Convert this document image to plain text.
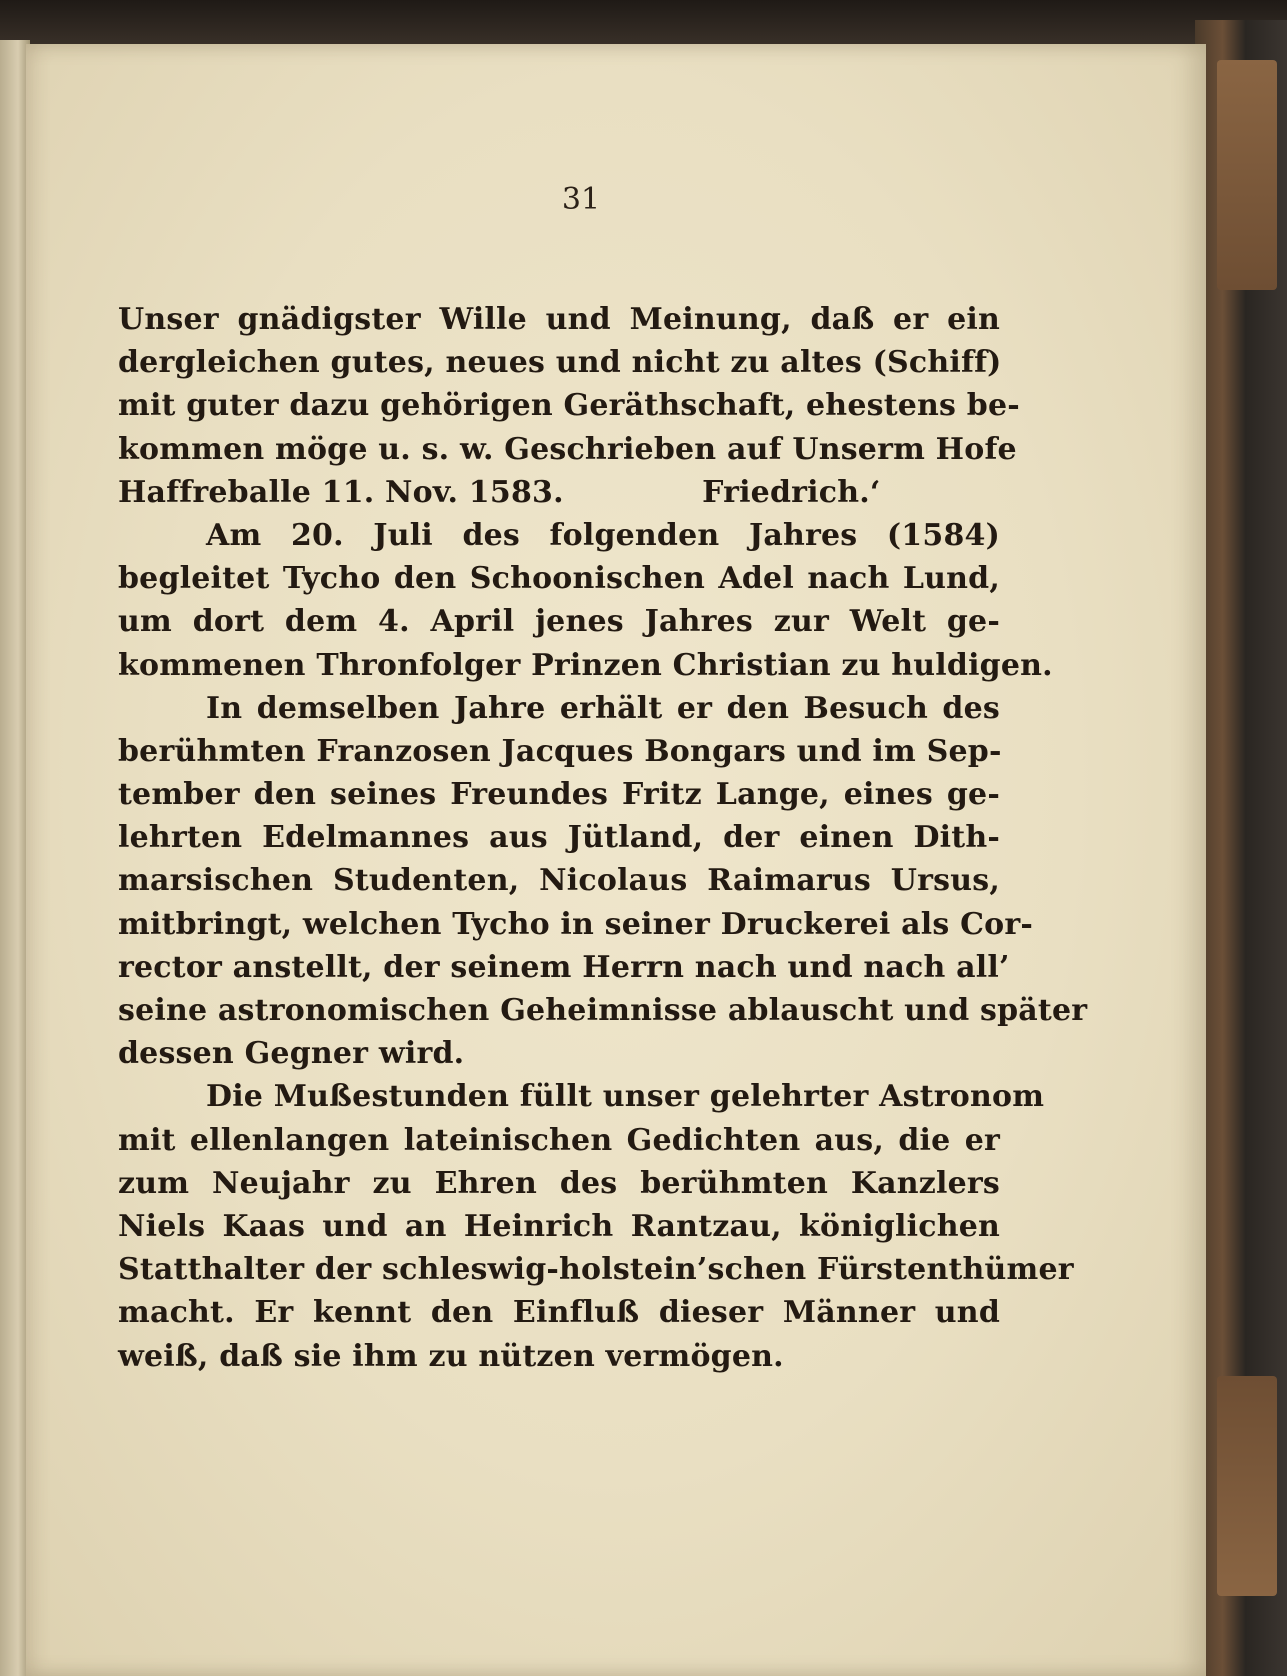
31
Unser gnädigster Wille und Meinung, daß er ein
dergleichen gutes, neues und nicht zu altes (Schiff)
mit guter dazu gehörigen Geräthschaft, ehestens be-
kommen möge u. s. w. Geschrieben auf Unserm Hofe
Haffreballe 11. Nov. 1583.             Friedrich.‘
Am 20. Juli des folgenden Jahres (1584)
begleitet Tycho den Schoonischen Adel nach Lund,
um dort dem 4. April jenes Jahres zur Welt ge-
kommenen Thronfolger Prinzen Christian zu huldigen.
In demselben Jahre erhält er den Besuch des
berühmten Franzosen Jacques Bongars und im Sep-
tember den seines Freundes Fritz Lange, eines ge-
lehrten Edelmannes aus Jütland, der einen Dith-
marsischen Studenten, Nicolaus Raimarus Ursus,
mitbringt, welchen Tycho in seiner Druckerei als Cor-
rector anstellt, der seinem Herrn nach und nach all’
seine astronomischen Geheimnisse ablauscht und später
dessen Gegner wird.
Die Mußestunden füllt unser gelehrter Astronom
mit ellenlangen lateinischen Gedichten aus, die er
zum Neujahr zu Ehren des berühmten Kanzlers
Niels Kaas und an Heinrich Rantzau, königlichen
Statthalter der schleswig-holstein’schen Fürstenthümer
macht. Er kennt den Einfluß dieser Männer und
weiß, daß sie ihm zu nützen vermögen.
